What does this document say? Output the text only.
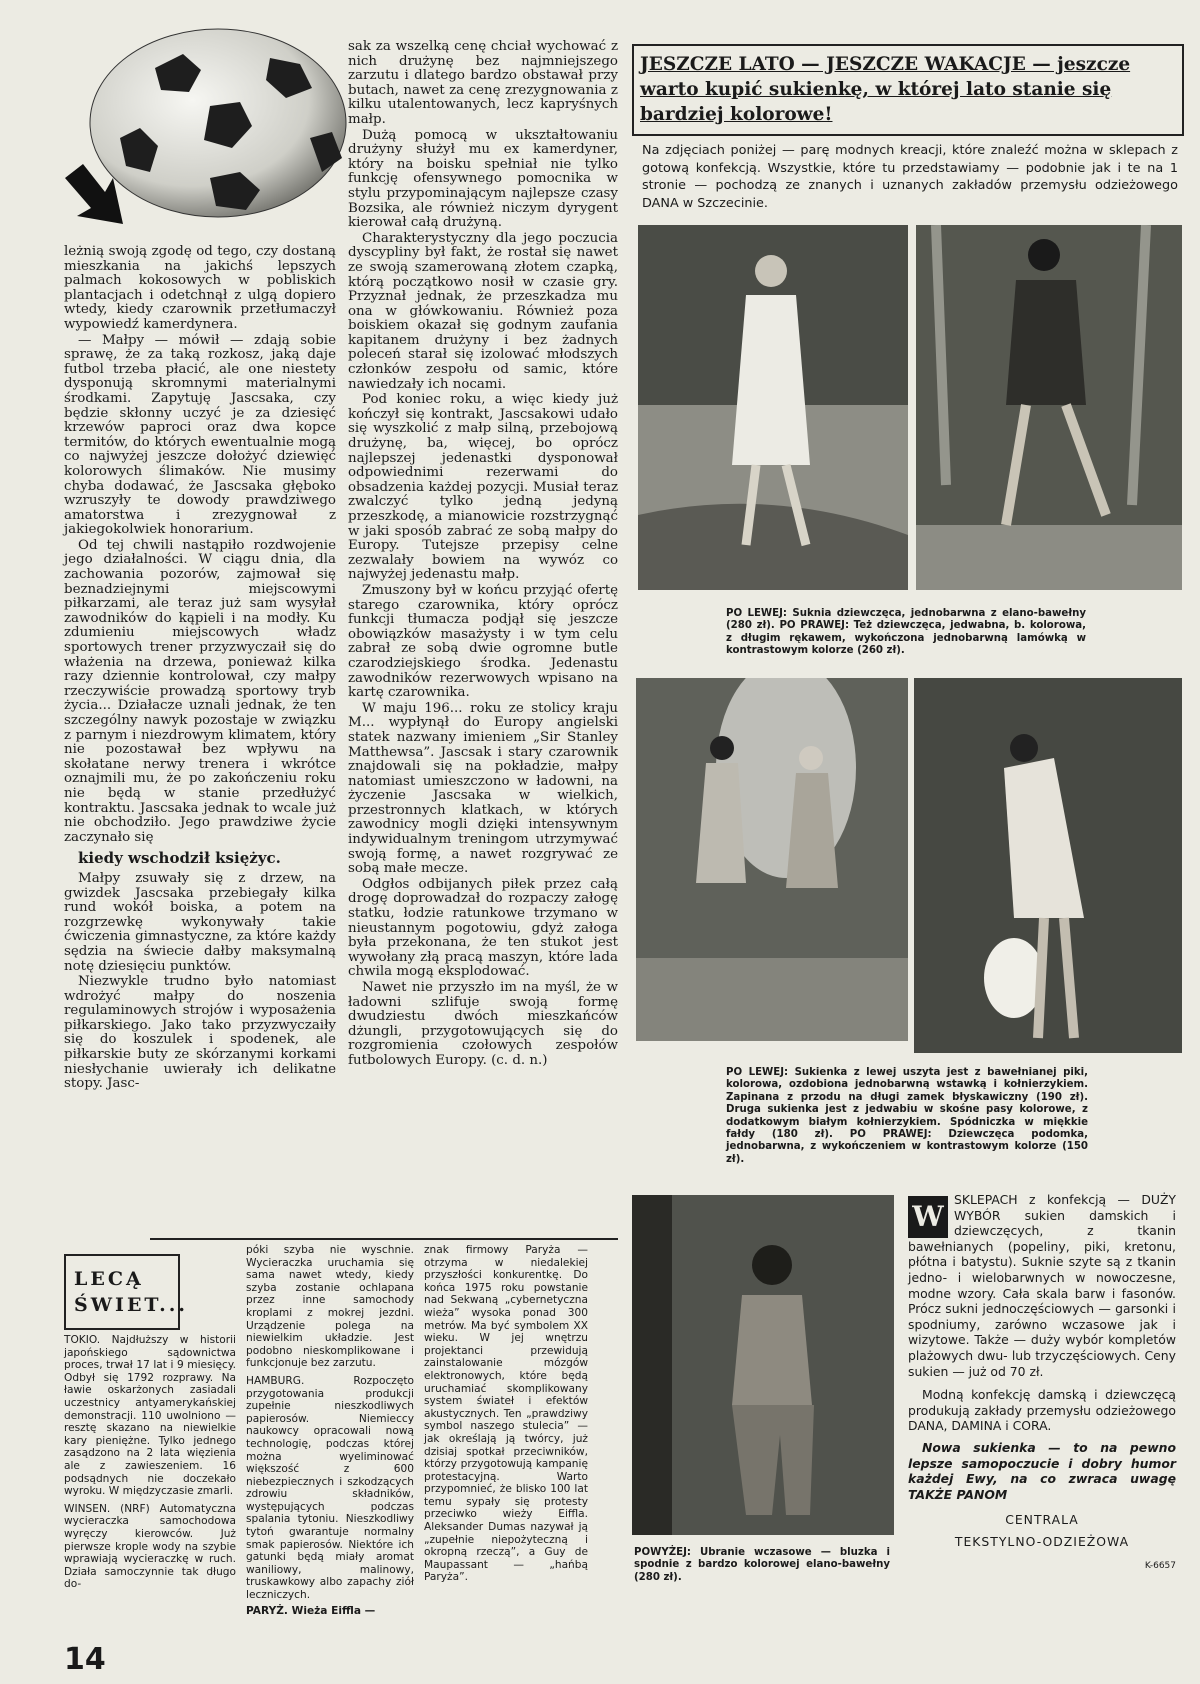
leżnią swoją zgodę od tego, czy dostaną mieszkania na jakichś lepszych palmach kokosowych w pobliskich plantacjach i odetchnął z ulgą dopiero wtedy, kiedy czarownik przetłumaczył wypowiedź kamerdynera.

— Małpy — mówił — zdają sobie sprawę, że za taką rozkosz, jaką daje futbol trzeba płacić, ale one niestety dysponują skromnymi materialnymi środkami. Zapytuję Jascsaka, czy będzie skłonny uczyć je za dziesięć krzewów paproci oraz dwa kopce termitów, do których ewentualnie mogą co najwyżej jeszcze dołożyć dziewięć kolorowych ślimaków. Nie musimy chyba dodawać, że Jascsaka głęboko wzruszyły te dowody prawdziwego amatorstwa i zrezygnował z jakiegokolwiek honorarium.

Od tej chwili nastąpiło rozdwojenie jego działalności. W ciągu dnia, dla zachowania pozorów, zajmował się beznadziejnymi miejscowymi piłkarzami, ale teraz już sam wysyłał zawodników do kąpieli i na modły. Ku zdumieniu miejscowych władz sportowych trener przyzwyczaił się do włażenia na drzewa, ponieważ kilka razy dziennie kontrolował, czy małpy rzeczywiście prowadzą sportowy tryb życia... Działacze uznali jednak, że ten szczególny nawyk pozostaje w związku z parnym i niezdrowym klimatem, który nie pozostawał bez wpływu na skołatane nerwy trenera i wkrótce oznajmili mu, że po zakończeniu roku nie będą w stanie przedłużyć kontraktu. Jascsaka jednak to wcale już nie obchodziło. Jego prawdziwe życie zaczynało się

kiedy wschodził księżyc.

Małpy zsuwały się z drzew, na gwizdek Jascsaka przebiegały kilka rund wokół boiska, a potem na rozgrzewkę wykonywały takie ćwiczenia gimnastyczne, za które każdy sędzia na świecie dałby maksymalną notę dziesięciu punktów.

Niezwykle trudno było natomiast wdrożyć małpy do noszenia regulaminowych strojów i wyposażenia piłkarskiego. Jako tako przyzwyczaiły się do koszulek i spodenek, ale piłkarskie buty ze skórzanymi korkami niesłychanie uwierały ich delikatne stopy. Jasc-

sak za wszelką cenę chciał wychować z nich drużynę bez najmniejszego zarzutu i dlatego bardzo obstawał przy butach, nawet za cenę zrezygnowania z kilku utalentowanych, lecz kapryśnych małp.

Dużą pomocą w ukształtowaniu drużyny służył mu ex kamerdyner, który na boisku spełniał nie tylko funkcję ofensywnego pomocnika w stylu przypominającym najlepsze czasy Bozsika, ale również niczym dyrygent kierował całą drużyną.

Charakterystyczny dla jego poczucia dyscypliny był fakt, że rostał się nawet ze swoją szamerowaną złotem czapką, którą początkowo nosił w czasie gry. Przyznał jednak, że przeszkadza mu ona w główkowaniu. Również poza boiskiem okazał się godnym zaufania kapitanem drużyny i bez żadnych poleceń starał się izolować młodszych członków zespołu od samic, które nawiedzały ich nocami.

Pod koniec roku, a więc kiedy już kończył się kontrakt, Jascsakowi udało się wyszkolić z małp silną, przebojową drużynę, ba, więcej, bo oprócz najlepszej jedenastki dysponował odpowiednimi rezerwami do obsadzenia każdej pozycji. Musiał teraz zwalczyć tylko jedną jedyną przeszkodę, a mianowicie rozstrzygnąć w jaki sposób zabrać ze sobą małpy do Europy. Tutejsze przepisy celne zezwalały bowiem na wywóz co najwyżej jedenastu małp.

Zmuszony był w końcu przyjąć ofertę starego czarownika, który oprócz funkcji tłumacza podjął się jeszcze obowiązków masażysty i w tym celu zabrał ze sobą dwie ogromne butle czarodziejskiego środka. Jedenastu zawodników rezerwowych wpisano na kartę czarownika.

W maju 196... roku ze stolicy kraju M... wypłynął do Europy angielski statek nazwany imieniem „Sir Stanley Matthewsa”. Jascsak i stary czarownik znajdowali się na pokładzie, małpy natomiast umieszczono w ładowni, na życzenie Jascsaka w wielkich, przestronnych klatkach, w których zawodnicy mogli dzięki intensywnym indywidualnym treningom utrzymywać swoją formę, a nawet rozgrywać ze sobą małe mecze.

Odgłos odbijanych piłek przez całą drogę doprowadzał do rozpaczy załogę statku, łodzie ratunkowe trzymano w nieustannym pogotowiu, gdyż załoga była przekonana, że ten stukot jest wywołany złą pracą maszyn, które lada chwila mogą eksplodować.

Nawet nie przyszło im na myśl, że w ładowni szlifuje swoją formę dwudziestu dwóch mieszkańców dżungli, przygotowujących się do rozgromienia czołowych zespołów futbolowych Europy. (c. d. n.)

JESZCZE LATO — JESZCZE WAKACJE — jeszcze warto kupić sukienkę, w której lato stanie się bardziej kolorowe!
Na zdjęciach poniżej — parę modnych kreacji, które znaleźć można w sklepach z gotową konfekcją. Wszystkie, które tu przedstawiamy — podobnie jak i te na 1 stronie — pochodzą ze znanych i uznanych zakładów przemysłu odzieżowego DANA w Szczecinie.
PO LEWEJ: Suknia dziewczęca, jednobarwna z elano-bawełny (280 zł). PO PRAWEJ: Też dziewczęca, jedwabna, b. kolorowa, z długim rękawem, wykończona jednobarwną lamówką w kontrastowym kolorze (260 zł).
PO LEWEJ: Sukienka z lewej uszyta jest z bawełnianej piki, kolorowa, ozdobiona jednobarwną wstawką i kołnierzykiem. Zapinana z przodu na długi zamek błyskawiczny (190 zł). Druga sukienka jest z jedwabiu w skośne pasy kolorowe, z dodatkowym białym kołnierzykiem. Spódniczka w miękkie fałdy (180 zł). PO PRAWEJ: Dziewczęca podomka, jednobarwna, z wykończeniem w kontrastowym kolorze (150 zł).
POWYŻEJ: Ubranie wczasowe — bluzka i spodnie z bardzo kolorowej elano-bawełny (280 zł).
W
SKLEPACH z konfekcją — DUŻY WYBÓR sukien damskich i dziewczęcych, z tkanin bawełnianych (popeliny, piki, kretonu, płótna i batystu). Suknie szyte są z tkanin jedno- i wielobarwnych w nowoczesne, modne wzory. Cała skala barw i fasonów. Prócz sukni jednoczęściowych — garsonki i spodniumy, zarówno wczasowe jak i wizytowe. Także — duży wybór kompletów plażowych dwu- lub trzyczęściowych. Ceny sukien — już od 70 zł.
Modną konfekcję damską i dziewczęcą produkują zakłady przemysłu odzieżowego DANA, DAMINA i CORA.
Nowa sukienka — to na pewno lepsze samopoczucie i dobry humor każdej Ewy, na co zwraca uwagę TAKŻE PANOM
CENTRALA
TEKSTYLNO-ODZIEŻOWA
K-6657
LECĄ
ŚWIET...

TOKIO. Najdłuższy w historii japońskiego sądownictwa proces, trwał 17 lat i 9 miesięcy. Odbył się 1792 rozprawy. Na ławie oskarżonych zasiadali uczestnicy antyamerykańskiej demonstracji. 110 uwolniono — resztę skazano na niewielkie kary pieniężne. Tylko jednego zasądzono na 2 lata więzienia ale z zawieszeniem. 16 podsądnych nie doczekało wyroku. W międzyczasie zmarli.

WINSEN. (NRF) Automatyczna wycieraczka samochodowa wyręczy kierowców. Już pierwsze krople wody na szybie wprawiają wycieraczkę w ruch. Działa samoczynnie tak długo do-

póki szyba nie wyschnie. Wycieraczka uruchamia się sama nawet wtedy, kiedy szyba zostanie ochlapana przez inne samochody kroplami z mokrej jezdni. Urządzenie polega na niewielkim układzie. Jest podobno nieskomplikowane i funkcjonuje bez zarzutu.

HAMBURG. Rozpoczęto przygotowania produkcji zupełnie nieszkodliwych papierosów. Niemieccy naukowcy opracowali nową technologię, podczas której można wyeliminować większość z 600 niebezpiecznych i szkodzących zdrowiu składników, występujących podczas spalania tytoniu. Nieszkodliwy tytoń gwarantuje normalny smak papierosów. Niektóre ich gatunki będą miały aromat waniliowy, malinowy, truskawkowy albo zapachy ziół leczniczych.

PARYŻ. Wieża Eiffla —

znak firmowy Paryża — otrzyma w niedalekiej przyszłości konkurentkę. Do końca 1975 roku powstanie nad Sekwaną „cybernetyczna wieża” wysoka ponad 300 metrów. Ma być symbolem XX wieku. W jej wnętrzu projektanci przewidują zainstalowanie mózgów elektronowych, które będą uruchamiać skomplikowany system świateł i efektów akustycznych. Ten „prawdziwy symbol naszego stulecia” — jak określają ją twórcy, już dzisiaj spotkał przeciwników, którzy przygotowują kampanię protestacyjną. Warto przypomnieć, że blisko 100 lat temu sypały się protesty przeciwko wieży Eiffla. Aleksander Dumas nazywał ją „zupełnie niepożyteczną i okropną rzeczą”, a Guy de Maupassant — „hańbą Paryża”.

14
